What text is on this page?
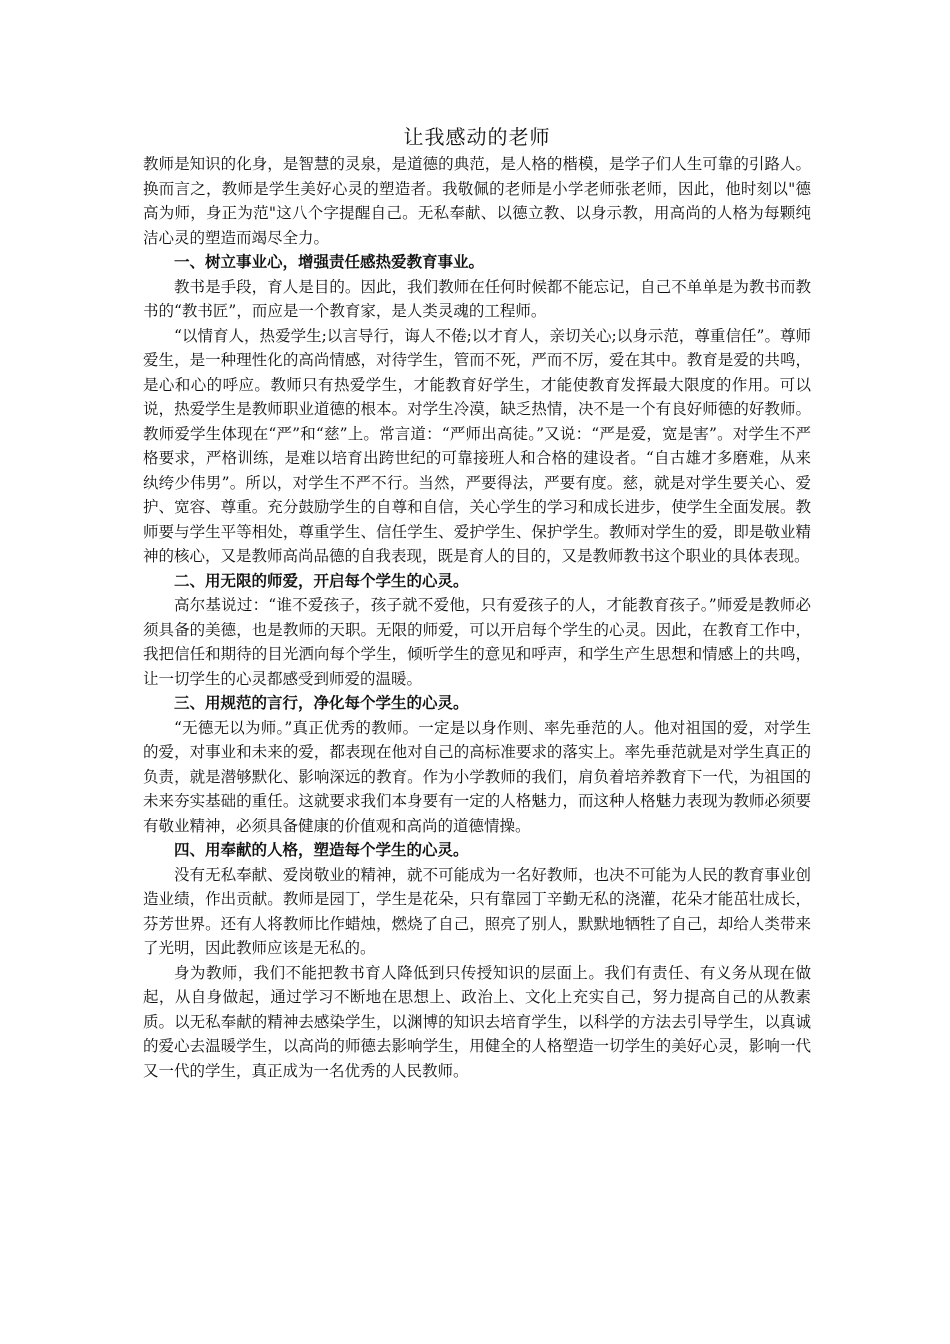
让我感动的老师

教师是知识的化身，是智慧的灵泉，是道德的典范，是人格的楷模，是学子们人生可靠的引路人。换而言之，教师是学生美好心灵的塑造者。我敬佩的老师是小学老师张老师，因此，他时刻以"德高为师，身正为范"这八个字提醒自己。无私奉献、以德立教、以身示教，用高尚的人格为每颗纯洁心灵的塑造而竭尽全力。

一、树立事业心，增强责任感热爱教育事业。

教书是手段，育人是目的。因此，我们教师在任何时候都不能忘记，自己不单单是为教书而教书的“教书匠”，而应是一个教育家，是人类灵魂的工程师。

“以情育人，热爱学生;以言导行，诲人不倦;以才育人，亲切关心;以身示范，尊重信任”。尊师爱生，是一种理性化的高尚情感，对待学生，管而不死，严而不厉，爱在其中。教育是爱的共鸣，是心和心的呼应。教师只有热爱学生，才能教育好学生，才能使教育发挥最大限度的作用。可以说，热爱学生是教师职业道德的根本。对学生冷漠，缺乏热情，决不是一个有良好师德的好教师。教师爱学生体现在“严”和“慈”上。常言道：“严师出高徒。”又说：“严是爱，宽是害”。对学生不严格要求，严格训练，是难以培育出跨世纪的可靠接班人和合格的建设者。“自古雄才多磨难，从来纨绔少伟男”。所以，对学生不严不行。当然，严要得法，严要有度。慈，就是对学生要关心、爱护、宽容、尊重。充分鼓励学生的自尊和自信，关心学生的学习和成长进步，使学生全面发展。教师要与学生平等相处，尊重学生、信任学生、爱护学生、保护学生。教师对学生的爱，即是敬业精神的核心，又是教师高尚品德的自我表现，既是育人的目的，又是教师教书这个职业的具体表现。

二、用无限的师爱，开启每个学生的心灵。

高尔基说过：“谁不爱孩子，孩子就不爱他，只有爱孩子的人，才能教育孩子。”师爱是教师必须具备的美德，也是教师的天职。无限的师爱，可以开启每个学生的心灵。因此，在教育工作中，我把信任和期待的目光洒向每个学生，倾听学生的意见和呼声，和学生产生思想和情感上的共鸣，让一切学生的心灵都感受到师爱的温暖。

三、用规范的言行，净化每个学生的心灵。

“无德无以为师。”真正优秀的教师。一定是以身作则、率先垂范的人。他对祖国的爱，对学生的爱，对事业和未来的爱，都表现在他对自己的高标准要求的落实上。率先垂范就是对学生真正的负责，就是潜够默化、影响深远的教育。作为小学教师的我们，肩负着培养教育下一代，为祖国的未来夯实基础的重任。这就要求我们本身要有一定的人格魅力，而这种人格魅力表现为教师必须要有敬业精神，必须具备健康的价值观和高尚的道德情操。

四、用奉献的人格，塑造每个学生的心灵。

没有无私奉献、爱岗敬业的精神，就不可能成为一名好教师，也决不可能为人民的教育事业创造业绩，作出贡献。教师是园丁，学生是花朵，只有靠园丁辛勤无私的浇灌，花朵才能茁壮成长，芬芳世界。还有人将教师比作蜡烛，燃烧了自己，照亮了别人，默默地牺牲了自己，却给人类带来了光明，因此教师应该是无私的。

身为教师，我们不能把教书育人降低到只传授知识的层面上。我们有责任、有义务从现在做起，从自身做起，通过学习不断地在思想上、政治上、文化上充实自己，努力提高自己的从教素质。以无私奉献的精神去感染学生，以渊博的知识去培育学生，以科学的方法去引导学生，以真诚的爱心去温暖学生，以高尚的师德去影响学生，用健全的人格塑造一切学生的美好心灵，影响一代又一代的学生，真正成为一名优秀的人民教师。
